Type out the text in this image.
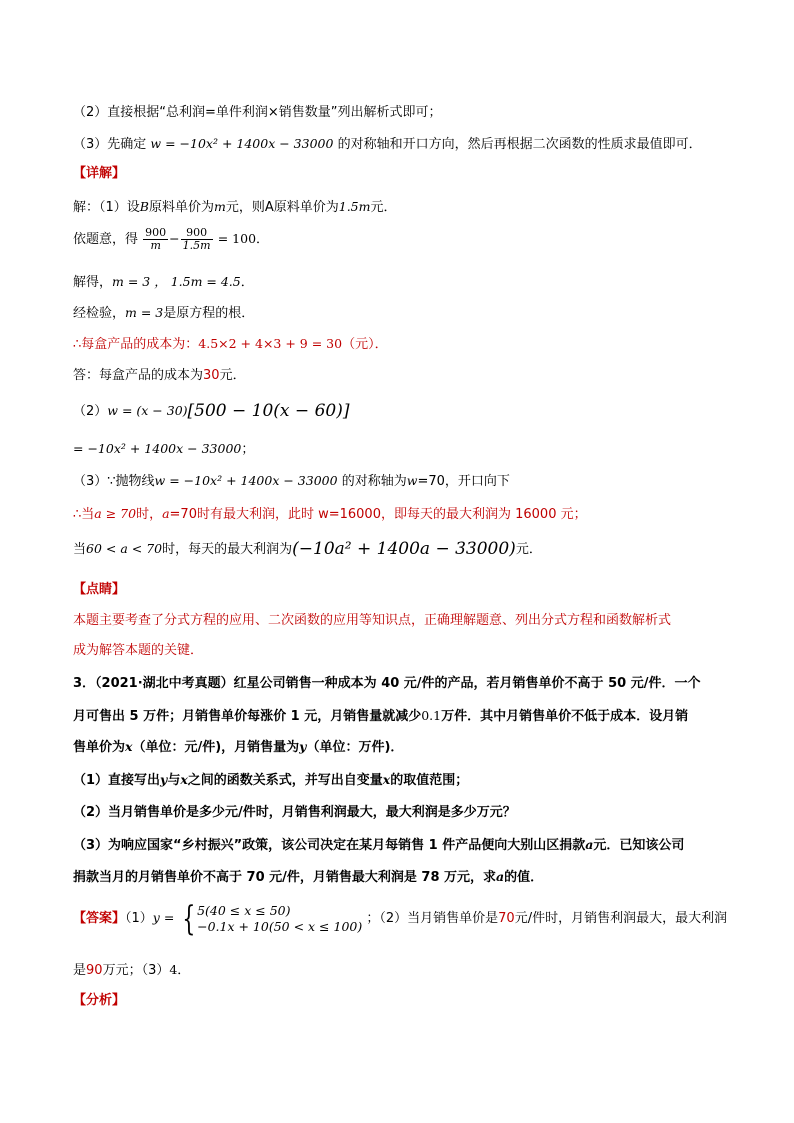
（2）直接根据“总利润=单件利润×销售数量”列出解析式即可；
（3）先确定 w = −10x² + 1400x − 33000 的对称轴和开口方向，然后再根据二次函数的性质求最值即可．
【详解】
解：（1）设B原料单价为m元，则A原料单价为1.5m元．
依题意，得 $\frac{900}{m} - \frac{900}{1.5m} = 100$．
解得，m = 3 ， 1.5m = 4.5．
经检验，m = 3是原方程的根．
∴每盒产品的成本为：4.5×2 + 4×3 + 9 = 30（元）．
答：每盒产品的成本为30元．
（2）w = (x − 30)[500 − 10(x − 60)]
= −10x² + 1400x − 33000；
（3）∵抛物线w = −10x² + 1400x − 33000 的对称轴为w=70，开口向下
∴当a ≥ 70时，a=70时有最大利润，此时 w=16000，即每天的最大利润为 16000 元；
当60 < a < 70时，每天的最大利润为(−10a² + 1400a − 33000)元．
【点睛】
本题主要考查了分式方程的应用、二次函数的应用等知识点，正确理解题意、列出分式方程和函数解析式
成为解答本题的关键．
3．（2021·湖北中考真题）红星公司销售一种成本为 40 元/件的产品，若月销售单价不高于 50 元/件．一个
月可售出 5 万件；月销售单价每涨价 1 元，月销售量就减少0.1万件．其中月销售单价不低于成本．设月销
售单价为x（单位：元/件)，月销售量为y（单位：万件)．
（1）直接写出y与x之间的函数关系式，并写出自变量x的取值范围；
（2）当月销售单价是多少元/件时，月销售利润最大，最大利润是多少万元？
（3）为响应国家“乡村振兴”政策，该公司决定在某月每销售 1 件产品便向大别山区捐款a元．已知该公司
捐款当月的月销售单价不高于 70 元/件，月销售最大利润是 78 万元，求a的值．
【答案】（1）y = { 5(40 ≤ x ≤ 50)
−0.1x + 10(50 < x ≤ 100) ；（2）当月销售单价是70元/件时，月销售利润最大，最大利润
是90万元；（3）4．
【分析】
